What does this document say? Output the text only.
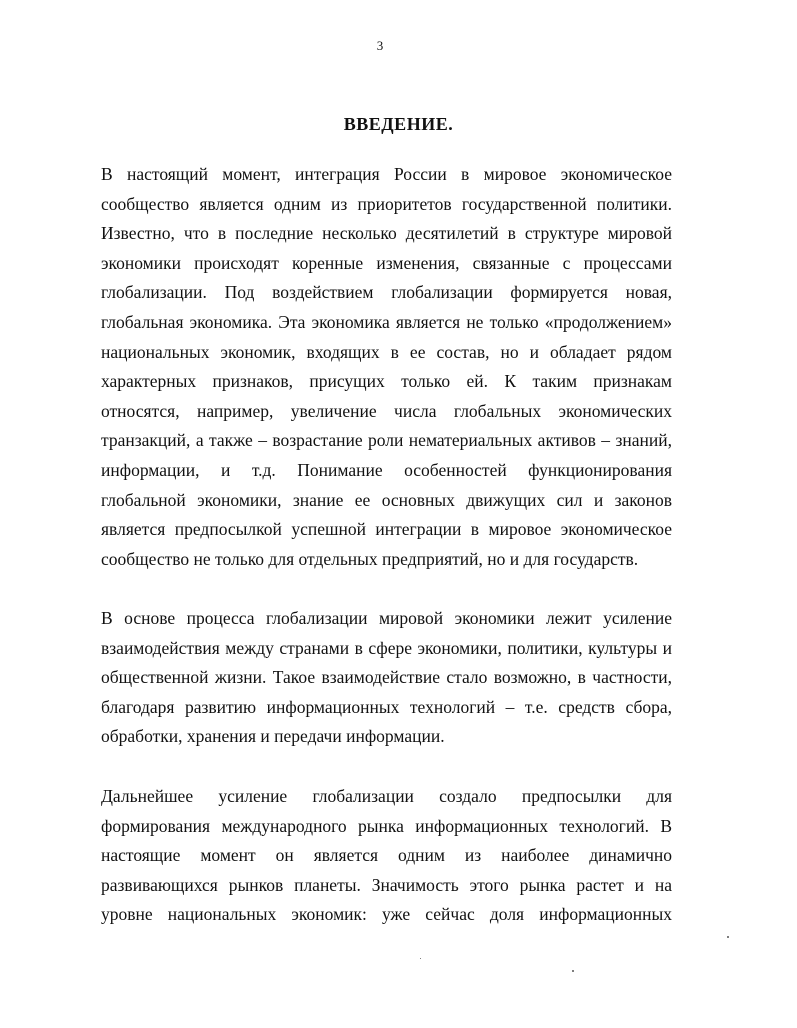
3
ВВЕДЕНИЕ.

В настоящий момент, интеграция России в мировое экономическое
сообщество является одним из приоритетов государственной политики.
Известно, что в последние несколько десятилетий в структуре мировой
экономики происходят коренные изменения, связанные с процессами
глобализации. Под воздействием глобализации формируется новая,
глобальная экономика. Эта экономика является не только «продолжением»
национальных экономик, входящих в ее состав, но и обладает рядом
характерных признаков, присущих только ей. К таким признакам
относятся, например, увеличение числа глобальных экономических
транзакций, а также – возрастание роли нематериальных активов – знаний,
информации, и т.д. Понимание особенностей функционирования
глобальной экономики, знание ее основных движущих сил и законов
является предпосылкой успешной интеграции в мировое экономическое
сообщество не только для отдельных предприятий, но и для государств.

В основе процесса глобализации мировой экономики лежит усиление
взаимодействия между странами в сфере экономики, политики, культуры и
общественной жизни. Такое взаимодействие стало возможно, в частности,
благодаря развитию информационных технологий – т.е. средств сбора,
обработки, хранения и передачи информации.

Дальнейшее усиление глобализации создало предпосылки для
формирования международного рынка информационных технологий. В
настоящие момент он является одним из наиболее динамично
развивающихся рынков планеты. Значимость этого рынка растет и на
уровне национальных экономик: уже сейчас доля информационных
